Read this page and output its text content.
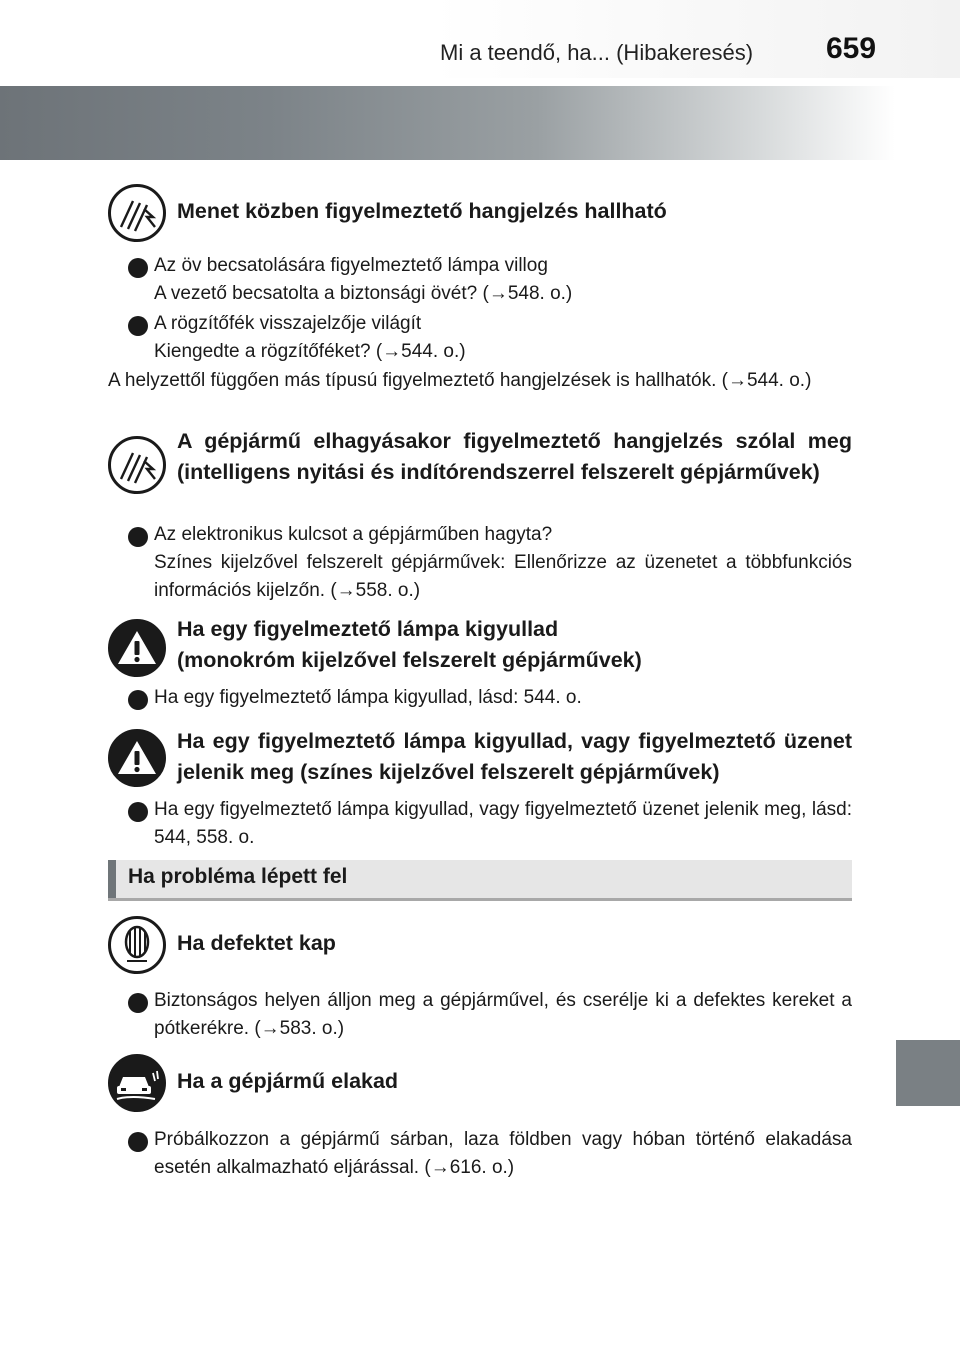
Mi a teendő, ha... (Hibakeresés) 659
Menet közben figyelmeztető hangjelzés hallható
Az öv becsatolására figyelmeztető lámpa villog
A vezető becsatolta a biztonsági övét? (→548. o.)
A rögzítőfék visszajelzője világít
Kiengedte a rögzítőféket? (→544. o.)
A helyzettől függően más típusú figyelmeztető hangjelzések is hallhatók. (→544. o.)
A gépjármű elhagyásakor figyelmeztető hangjelzés szólal meg (intelligens nyitási és indítórendszerrel felszerelt gépjárművek)
Az elektronikus kulcsot a gépjárműben hagyta?
Színes kijelzővel felszerelt gépjárművek: Ellenőrizze az üzenetet a többfunkciós információs kijelzőn. (→558. o.)
Ha egy figyelmeztető lámpa kigyullad
(monokróm kijelzővel felszerelt gépjárművek)
Ha egy figyelmeztető lámpa kigyullad, lásd: 544. o.
Ha egy figyelmeztető lámpa kigyullad, vagy figyelmeztető üzenet jelenik meg (színes kijelzővel felszerelt gépjárművek)
Ha egy figyelmeztető lámpa kigyullad, vagy figyelmeztető üzenet jelenik meg, lásd: 544, 558. o.
Ha probléma lépett fel
Ha defektet kap
Biztonságos helyen álljon meg a gépjárművel, és cserélje ki a defektes kereket a pótkerékre. (→583. o.)
Ha a gépjármű elakad
Próbálkozzon a gépjármű sárban, laza földben vagy hóban történő elakadása esetén alkalmazható eljárással. (→616. o.)
